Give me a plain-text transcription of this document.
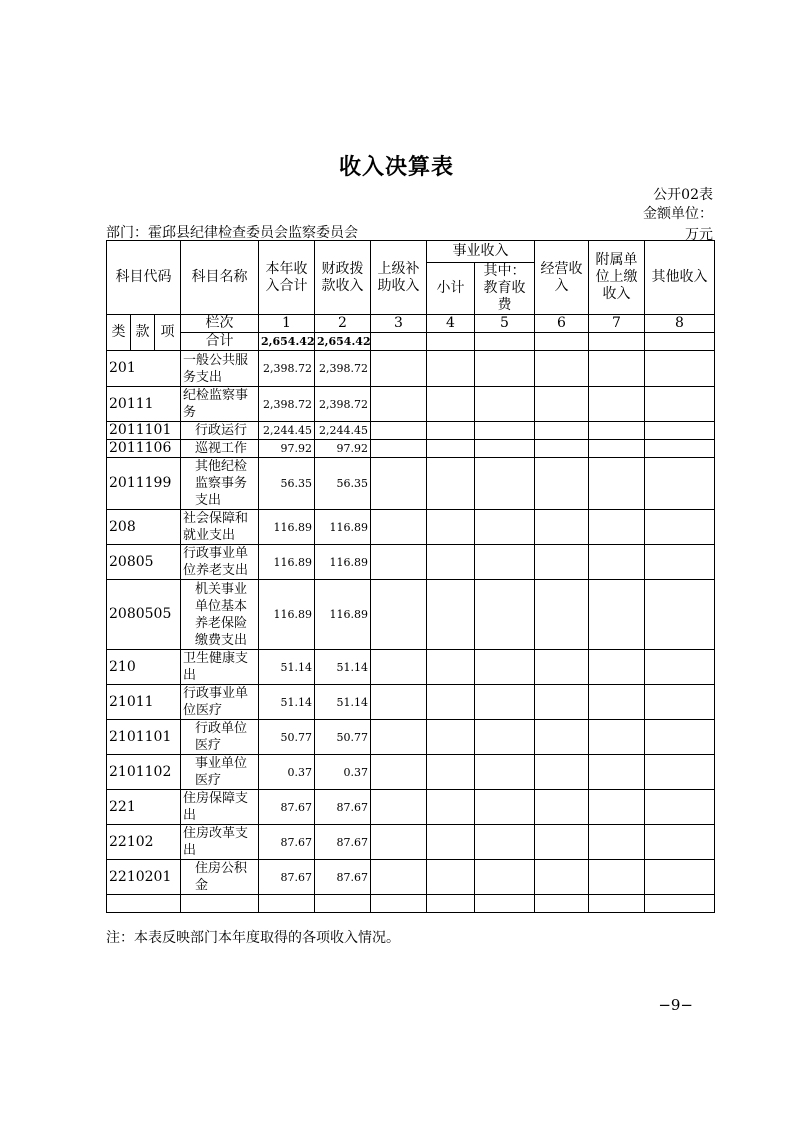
收入决算表
公开02表
金额单位：
部门：霍邱县纪律检查委员会监察委员会	万元
科目代码			科目名称	本年收入合计	财政拨款收入	上级补助收入	事业收入		经营收入	附属单位上缴收入	其他收入
							小计	其中：教育收费			
类	款	项	栏次	1	2	3	4	5	6	7	8
			合计	2,654.42	2,654.42						
201			一般公共服务支出	2,398.72	2,398.72						
20111			纪检监察事务	2,398.72	2,398.72						
2011101			行政运行	2,244.45	2,244.45						
2011106			巡视工作	97.92	97.92						
2011199			其他纪检监察事务支出	56.35	56.35						
208			社会保障和就业支出	116.89	116.89						
20805			行政事业单位养老支出	116.89	116.89						
2080505			机关事业单位基本养老保险缴费支出	116.89	116.89						
210			卫生健康支出	51.14	51.14						
21011			行政事业单位医疗	51.14	51.14						
2101101			行政单位医疗	50.77	50.77						
2101102			事业单位医疗	0.37	0.37						
221			住房保障支出	87.67	87.67						
22102			住房改革支出	87.67	87.67						
2210201			住房公积金	87.67	87.67						

注：本表反映部门本年度取得的各项收入情况。
−9−
